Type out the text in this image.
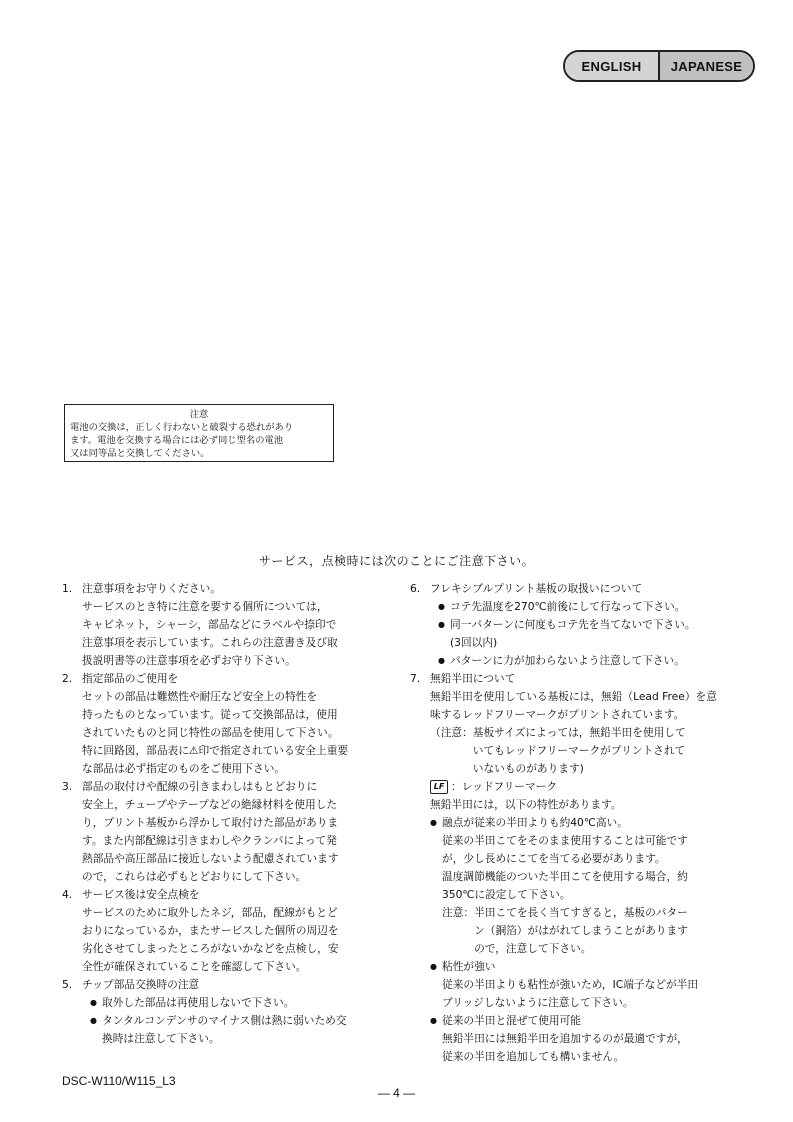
ENGLISH	JAPANESE
注意
電池の交換は，正しく行わないと破裂する恐れがあり
ます。電池を交換する場合には必ず同じ型名の電池
又は同等品と交換してください。
サービス，点検時には次のことにご注意下さい。
1. 注意事項をお守りください。
サービスのとき特に注意を要する個所については，
キャビネット，シャーシ，部品などにラベルや捺印で
注意事項を表示しています。これらの注意書き及び取
扱説明書等の注意事項を必ずお守り下さい。
2. 指定部品のご使用を
セットの部品は難燃性や耐圧など安全上の特性を
持ったものとなっています。従って交換部品は，使用
されていたものと同じ特性の部品を使用して下さい。
特に回路図，部品表に⚠印で指定されている安全上重要
な部品は必ず指定のものをご使用下さい。
3. 部品の取付けや配線の引きまわしはもとどおりに
安全上，チューブやテープなどの絶縁材料を使用した
り，プリント基板から浮かして取付けた部品がありま
す。また内部配線は引きまわしやクランパによって発
熱部品や高圧部品に接近しないよう配慮されています
ので，これらは必ずもとどおりにして下さい。
4. サービス後は安全点検を
サービスのために取外したネジ，部品，配線がもとど
おりになっているか，またサービスした個所の周辺を
劣化させてしまったところがないかなどを点検し，安
全性が確保されていることを確認して下さい。
5. チップ部品交換時の注意
● 取外した部品は再使用しないで下さい。
● タンタルコンデンサのマイナス側は熱に弱いため交
換時は注意して下さい。
6. フレキシブルプリント基板の取扱いについて
● コテ先温度を270℃前後にして行なって下さい。
● 同一パターンに何度もコテ先を当てないで下さい。
(3回以内)
● パターンに力が加わらないよう注意して下さい。
7. 無鉛半田について
無鉛半田を使用している基板には，無鉛（Lead Free）を意
味するレッドフリーマークがプリントされています。
（注意： 基板サイズによっては，無鉛半田を使用して
いてもレッドフリーマークがプリントされて
いないものがあります)
LF ：レッドフリーマーク
無鉛半田には，以下の特性があります。
● 融点が従来の半田よりも約40℃高い。
従来の半田こてをそのまま使用することは可能です
が，少し長めにこてを当てる必要があります。
温度調節機能のついた半田こてを使用する場合，約
350℃に設定して下さい。
注意： 半田こてを長く当てすぎると，基板のパター
ン（銅箔）がはがれてしまうことがあります
ので，注意して下さい。
● 粘性が強い
従来の半田よりも粘性が強いため，IC端子などが半田
ブリッジしないように注意して下さい。
● 従来の半田と混ぜて使用可能
無鉛半田には無鉛半田を追加するのが最適ですが，
従来の半田を追加しても構いません。
DSC-W110/W115_L3
— 4 —
